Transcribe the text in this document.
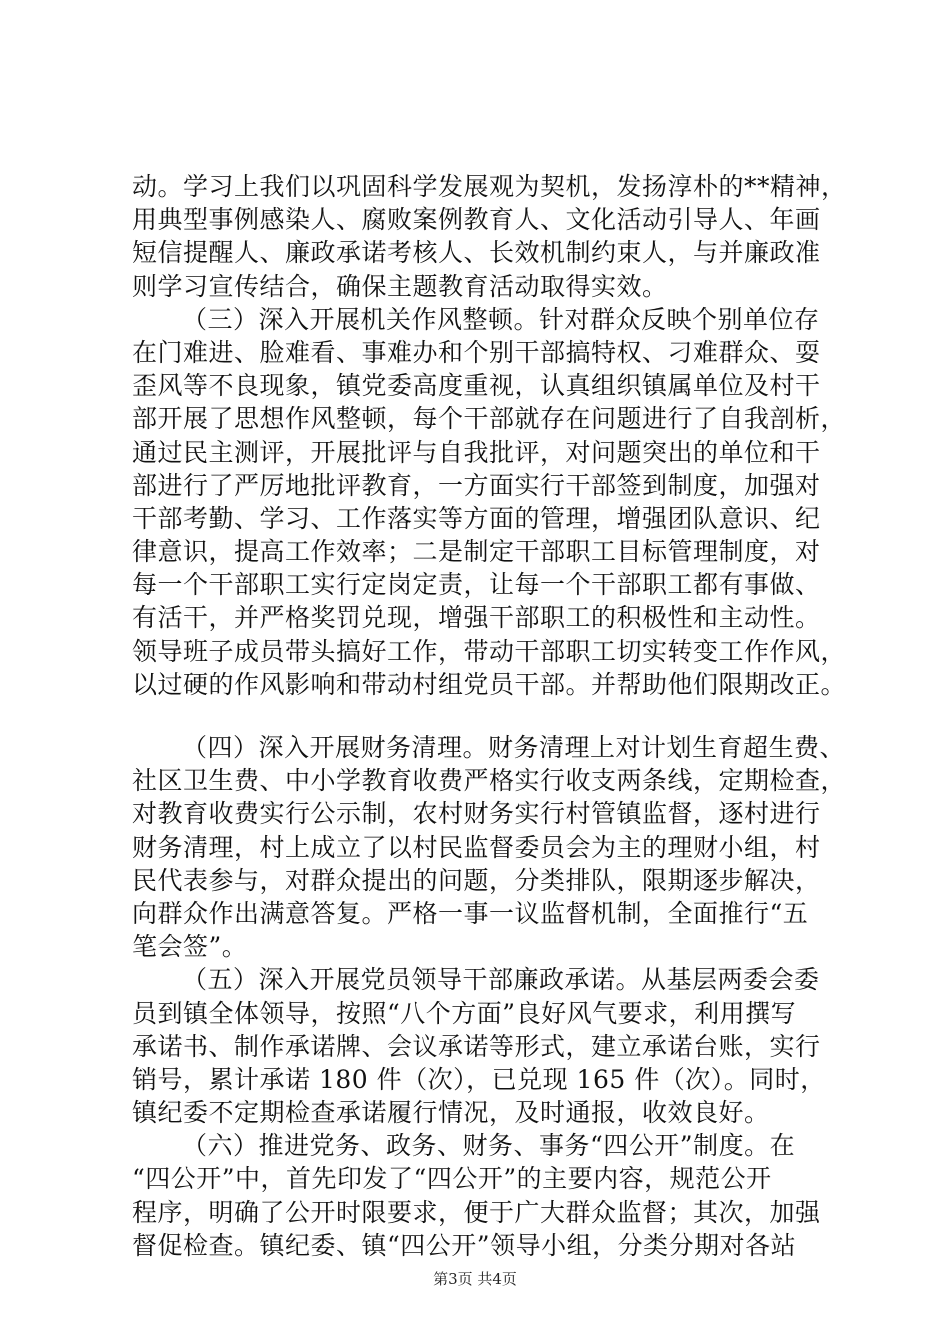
动。学习上我们以巩固科学发展观为契机，发扬淳朴的**精神，
用典型事例感染人、腐败案例教育人、文化活动引导人、年画
短信提醒人、廉政承诺考核人、长效机制约束人，与并廉政准
则学习宣传结合，确保主题教育活动取得实效。
（三）深入开展机关作风整顿。针对群众反映个别单位存
在门难进、脸难看、事难办和个别干部搞特权、刁难群众、耍
歪风等不良现象，镇党委高度重视，认真组织镇属单位及村干
部开展了思想作风整顿，每个干部就存在问题进行了自我剖析，
通过民主测评，开展批评与自我批评，对问题突出的单位和干
部进行了严厉地批评教育，一方面实行干部签到制度，加强对
干部考勤、学习、工作落实等方面的管理，增强团队意识、纪
律意识，提高工作效率；二是制定干部职工目标管理制度，对
每一个干部职工实行定岗定责，让每一个干部职工都有事做、
有活干，并严格奖罚兑现，增强干部职工的积极性和主动性。
领导班子成员带头搞好工作，带动干部职工切实转变工作作风，
以过硬的作风影响和带动村组党员干部。并帮助他们限期改正。
（四）深入开展财务清理。财务清理上对计划生育超生费、
社区卫生费、中小学教育收费严格实行收支两条线，定期检查，
对教育收费实行公示制，农村财务实行村管镇监督，逐村进行
财务清理，村上成立了以村民监督委员会为主的理财小组，村
民代表参与，对群众提出的问题，分类排队，限期逐步解决，
向群众作出满意答复。严格一事一议监督机制，全面推行“五
笔会签”。
（五）深入开展党员领导干部廉政承诺。从基层两委会委
员到镇全体领导，按照“八个方面”良好风气要求，利用撰写
承诺书、制作承诺牌、会议承诺等形式，建立承诺台账，实行
销号，累计承诺 180 件（次），已兑现 165 件（次）。同时，
镇纪委不定期检查承诺履行情况，及时通报，收效良好。
（六）推进党务、政务、财务、事务“四公开”制度。在
“四公开”中，首先印发了“四公开”的主要内容，规范公开
程序，明确了公开时限要求，便于广大群众监督；其次，加强
督促检查。镇纪委、镇“四公开”领导小组，分类分期对各站
第3页 共4页
